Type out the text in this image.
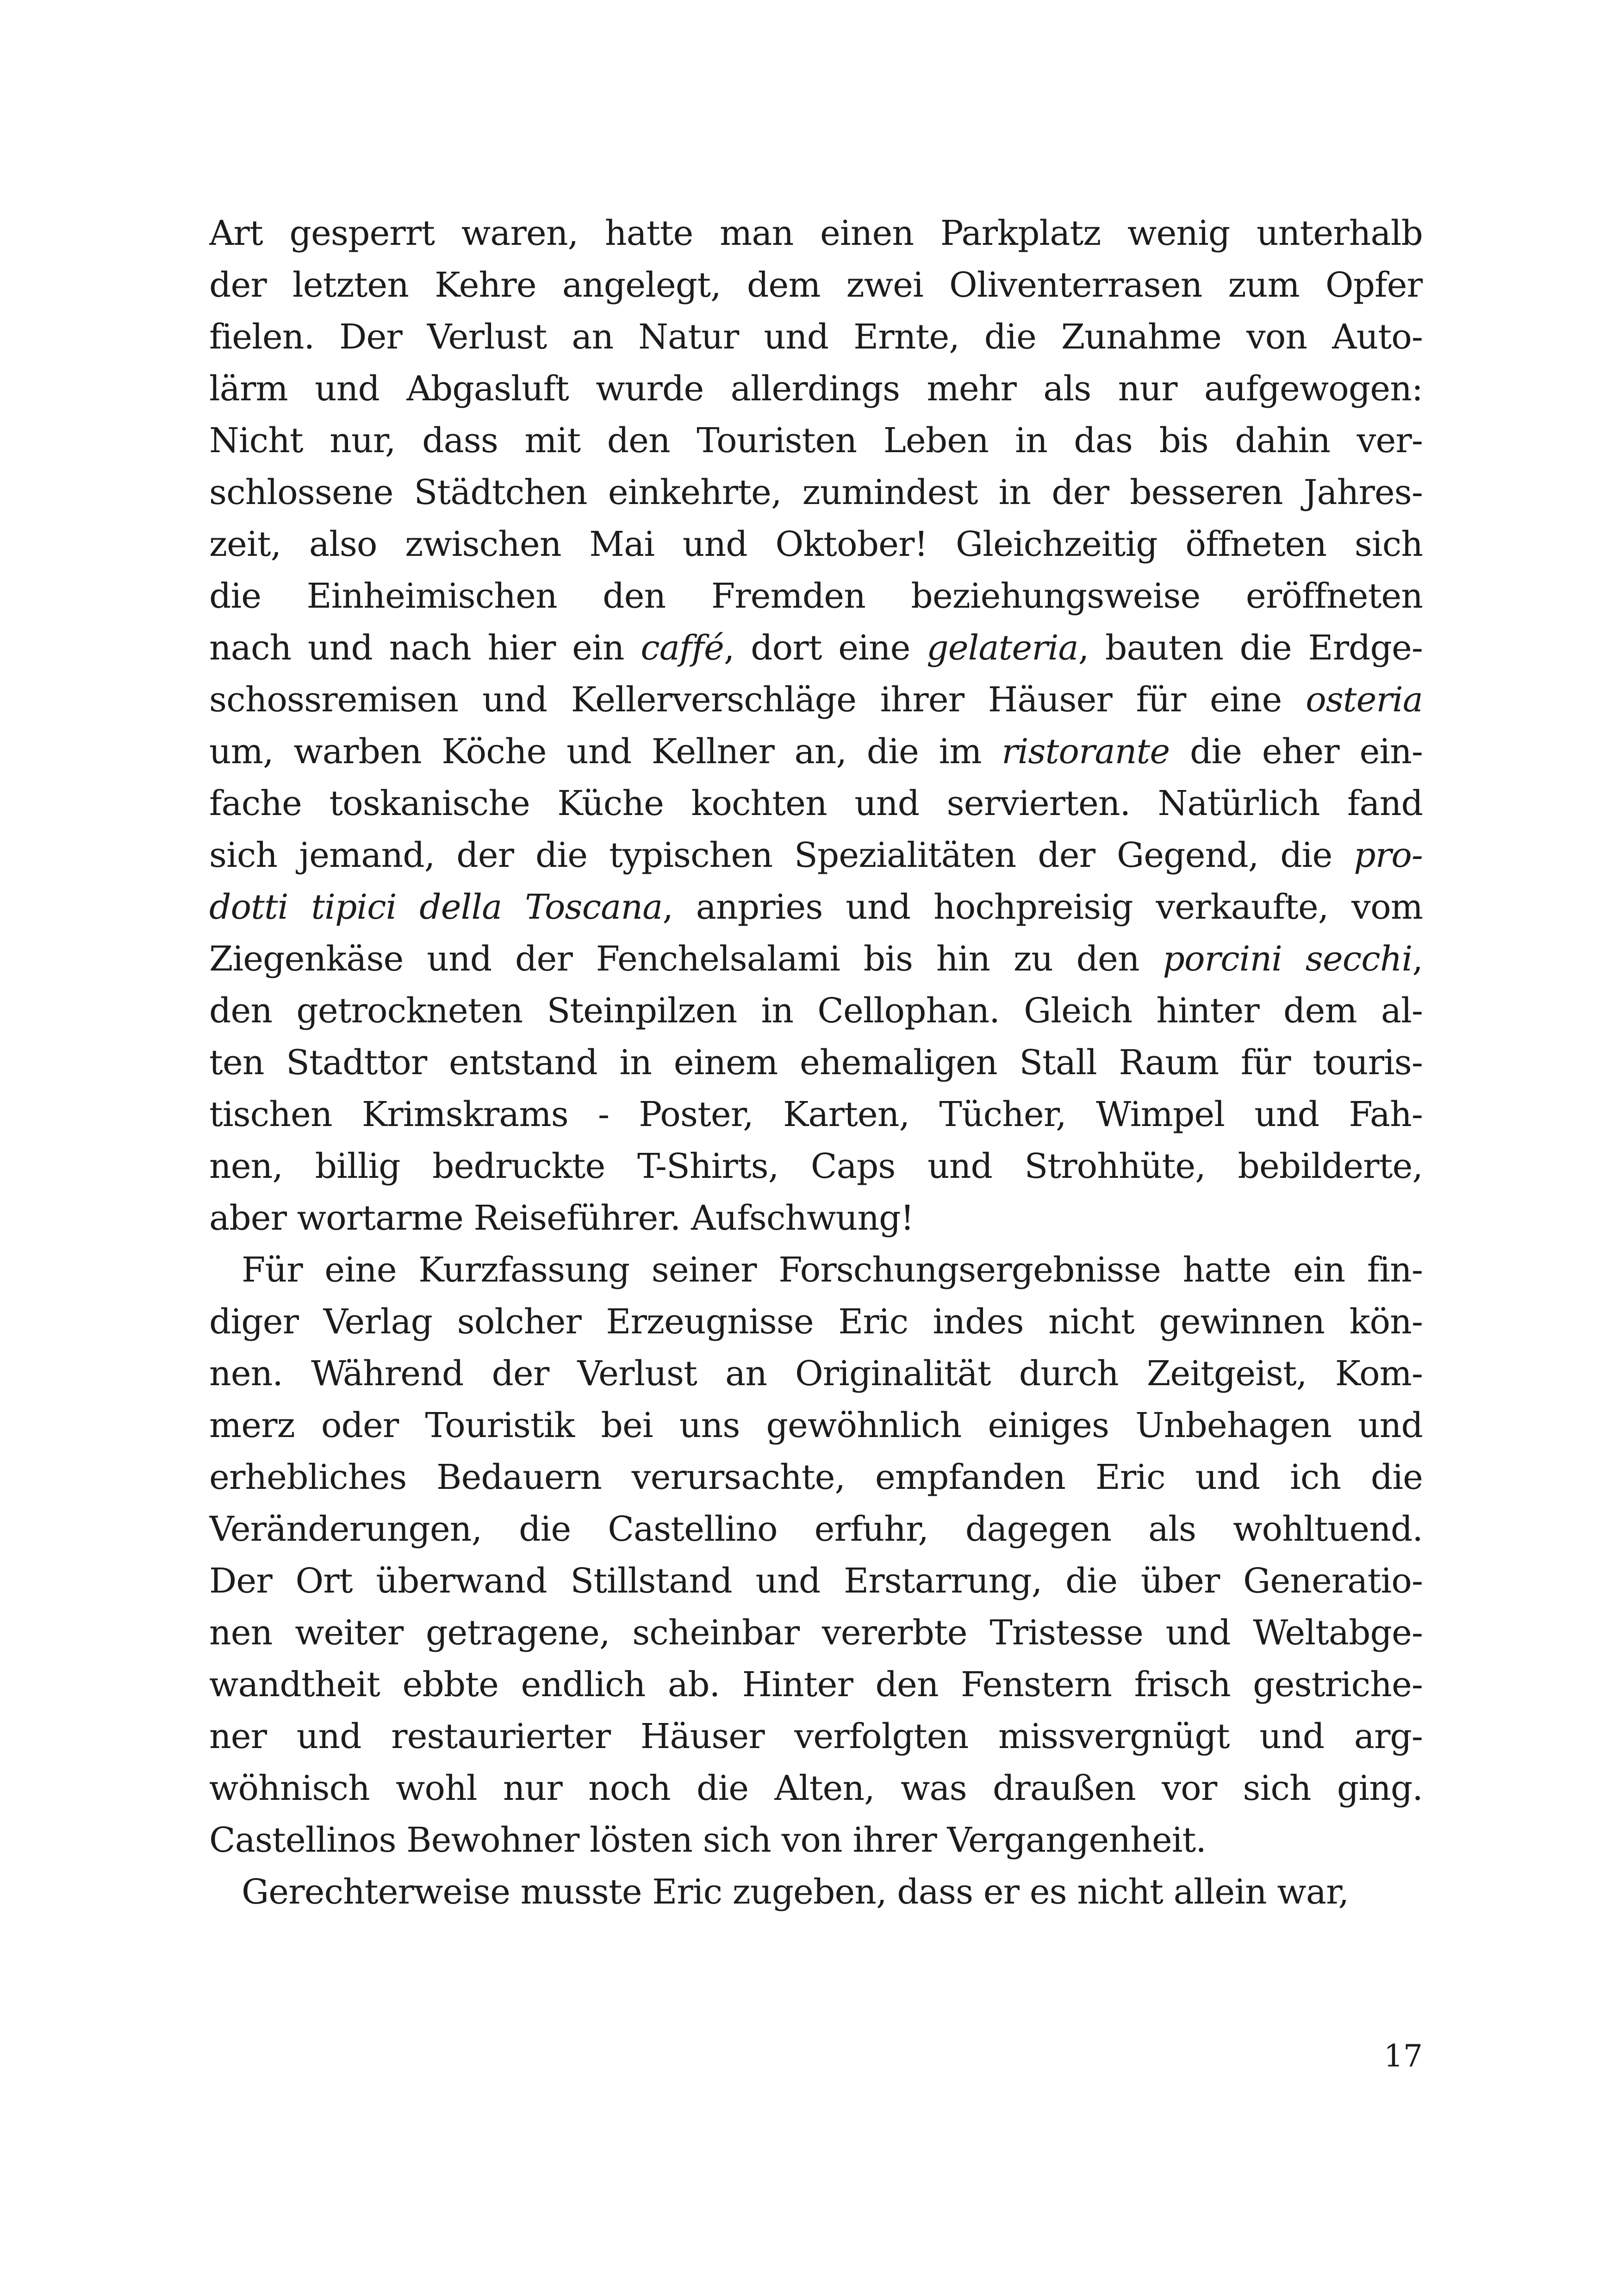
Art gesperrt waren, hatte man einen Parkplatz wenig unterhalb
der letzten Kehre angelegt, dem zwei Oliventerrasen zum Opfer
fielen. Der Verlust an Natur und Ernte, die Zunahme von Auto-
lärm und Abgasluft wurde allerdings mehr als nur aufgewogen:
Nicht nur, dass mit den Touristen Leben in das bis dahin ver-
schlossene Städtchen einkehrte, zumindest in der besseren Jahres-
zeit, also zwischen Mai und Oktober! Gleichzeitig öffneten sich
die Einheimischen den Fremden beziehungsweise eröffneten
nach und nach hier ein caffé, dort eine gelateria, bauten die Erdge-
schossremisen und Kellerverschläge ihrer Häuser für eine osteria
um, warben Köche und Kellner an, die im ristorante die eher ein-
fache toskanische Küche kochten und servierten. Natürlich fand
sich jemand, der die typischen Spezialitäten der Gegend, die pro-
dotti tipici della Toscana, anpries und hochpreisig verkaufte, vom
Ziegenkäse und der Fenchelsalami bis hin zu den porcini secchi,
den getrockneten Steinpilzen in Cellophan. Gleich hinter dem al-
ten Stadttor entstand in einem ehemaligen Stall Raum für touris-
tischen Krimskrams - Poster, Karten, Tücher, Wimpel und Fah-
nen, billig bedruckte T-Shirts, Caps und Strohhüte, bebilderte,
aber wortarme Reiseführer. Aufschwung!
Für eine Kurzfassung seiner Forschungsergebnisse hatte ein fin-
diger Verlag solcher Erzeugnisse Eric indes nicht gewinnen kön-
nen. Während der Verlust an Originalität durch Zeitgeist, Kom-
merz oder Touristik bei uns gewöhnlich einiges Unbehagen und
erhebliches Bedauern verursachte, empfanden Eric und ich die
Veränderungen, die Castellino erfuhr, dagegen als wohltuend.
Der Ort überwand Stillstand und Erstarrung, die über Generatio-
nen weiter getragene, scheinbar vererbte Tristesse und Weltabge-
wandtheit ebbte endlich ab. Hinter den Fenstern frisch gestriche-
ner und restaurierter Häuser verfolgten missvergnügt und arg-
wöhnisch wohl nur noch die Alten, was draußen vor sich ging.
Castellinos Bewohner lösten sich von ihrer Vergangenheit.
Gerechterweise musste Eric zugeben, dass er es nicht allein war,
17
